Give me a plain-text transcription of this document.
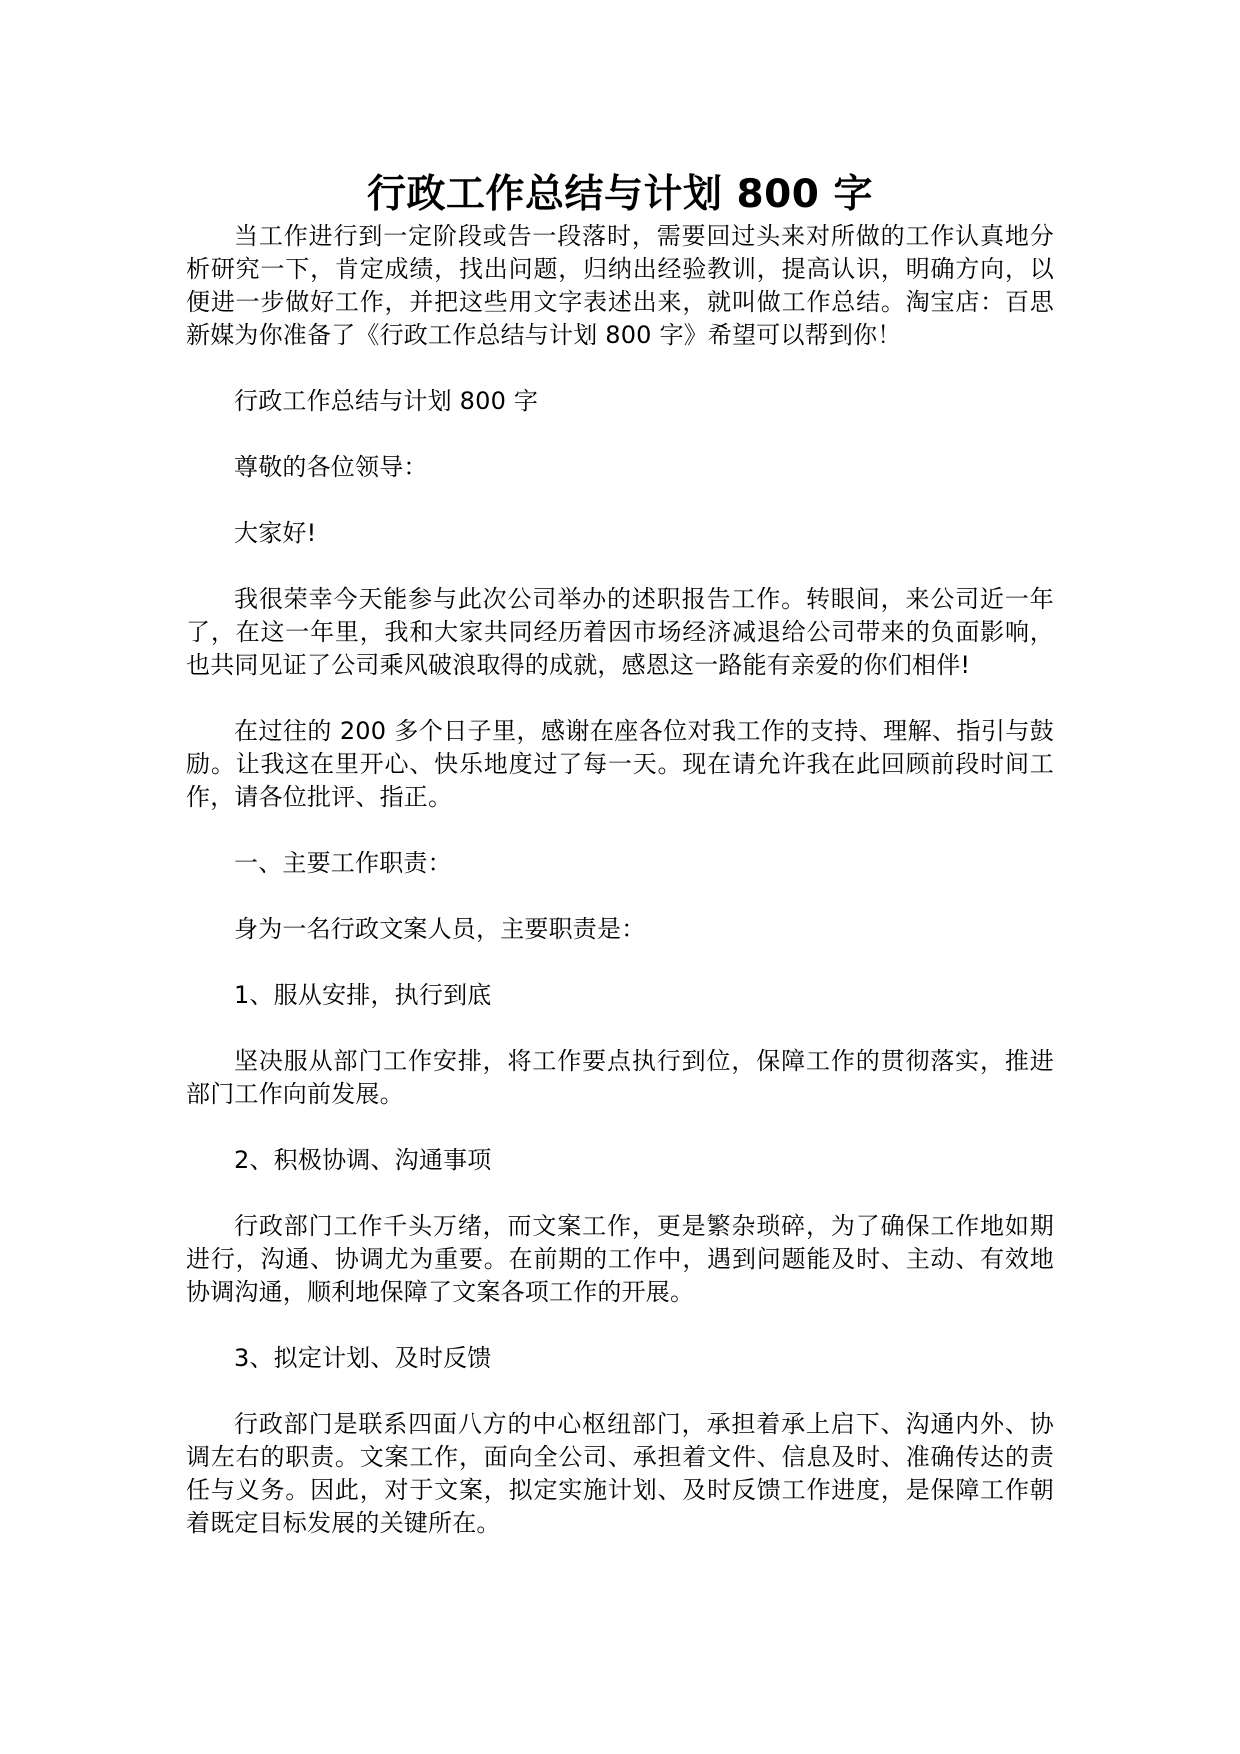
行政工作总结与计划 800 字

当工作进行到一定阶段或告一段落时，需要回过头来对所做的工作认真地分析研究一下，肯定成绩，找出问题，归纳出经验教训，提高认识，明确方向，以便进一步做好工作，并把这些用文字表述出来，就叫做工作总结。淘宝店：百思新媒为你准备了《行政工作总结与计划 800 字》希望可以帮到你！

行政工作总结与计划 800 字

尊敬的各位领导：

大家好!

我很荣幸今天能参与此次公司举办的述职报告工作。转眼间，来公司近一年了，在这一年里，我和大家共同经历着因市场经济减退给公司带来的负面影响，也共同见证了公司乘风破浪取得的成就，感恩这一路能有亲爱的你们相伴!

在过往的 200 多个日子里，感谢在座各位对我工作的支持、理解、指引与鼓励。让我这在里开心、快乐地度过了每一天。现在请允许我在此回顾前段时间工作，请各位批评、指正。

一、主要工作职责：

身为一名行政文案人员，主要职责是：

1、服从安排，执行到底

坚决服从部门工作安排，将工作要点执行到位，保障工作的贯彻落实，推进部门工作向前发展。

2、积极协调、沟通事项

行政部门工作千头万绪，而文案工作，更是繁杂琐碎，为了确保工作地如期进行，沟通、协调尤为重要。在前期的工作中，遇到问题能及时、主动、有效地协调沟通，顺利地保障了文案各项工作的开展。

3、拟定计划、及时反馈

行政部门是联系四面八方的中心枢纽部门，承担着承上启下、沟通内外、协调左右的职责。文案工作，面向全公司、承担着文件、信息及时、准确传达的责任与义务。因此，对于文案，拟定实施计划、及时反馈工作进度，是保障工作朝着既定目标发展的关键所在。
